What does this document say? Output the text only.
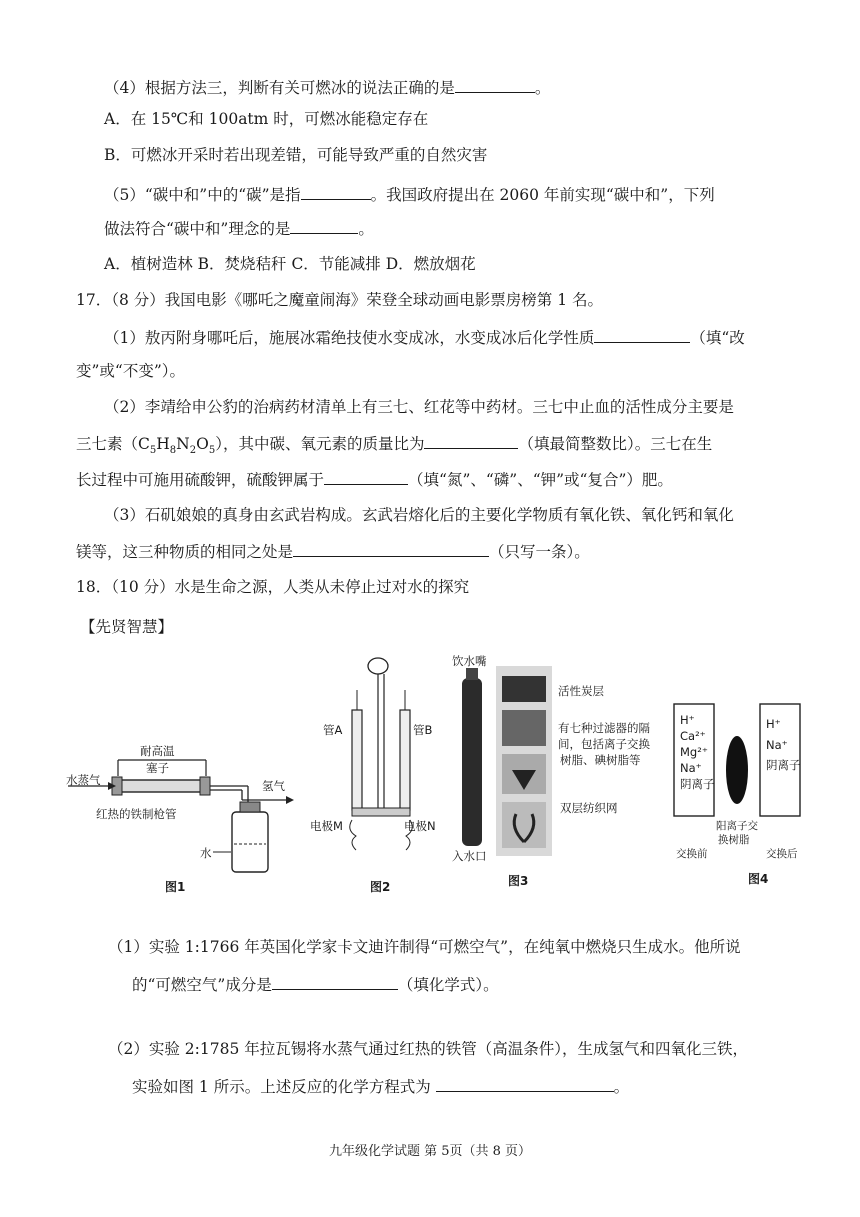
（4）根据方法三，判断有关可燃冰的说法正确的是	。
A．在 15℃和 100atm 时，可燃冰能稳定存在
B．可燃冰开采时若出现差错，可能导致严重的自然灾害
（5）“碳中和”中的“碳”是指	。我国政府提出在 2060 年前实现“碳中和”，下列
做法符合“碳中和”理念的是	。
A．植树造林 B．焚烧秸秆 C．节能减排 D．燃放烟花
17．（8 分）我国电影《哪吒之魔童闹海》荣登全球动画电影票房榜第 1 名。
（1）敖丙附身哪吒后，施展冰霜绝技使水变成冰，水变成冰后化学性质	（填“改
变”或“不变”）。
（2）李靖给申公豹的治病药材清单上有三七、红花等中药材。三七中止血的活性成分主要是
三七素$(C_5H_8N_2O_5)$，其中碳、氧元素的质量比为	（填最简整数比）。三七在生
长过程中可施用硫酸钾，硫酸钾属于	（填“氮”、“磷”、“钾”或“复合”）肥。
（3）石矶娘娘的真身由玄武岩构成。玄武岩熔化后的主要化学物质有氧化铁、氧化钙和氧化
镁等，这三种物质的相同之处是	（只写一条）。
18．（10 分）水是生命之源，人类从未停止过对水的探究
【先贤智慧】
耐高温
塞子
水蒸气	氢气
红热的铁制枪管
水
图1
管A	管B
电极M	电极N
图2
饮水嘴
活性炭层
有七种过滤器的隔
间，包括离子交换
树脂、碘树脂等
双层纺织网
入水口
图3
H⁺
Ca²⁺
Mg²⁺
Na⁺
阴离子
H⁺
Na⁺
阴离子
阳离子交
换树脂
交换前	交换后
图4
（1）实验 1:1766 年英国化学家卡文迪许制得“可燃空气”，在纯氧中燃烧只生成水。他所说
的“可燃空气”成分是	（填化学式）。
（2）实验 2:1785 年拉瓦锡将水蒸气通过红热的铁管（高温条件），生成氢气和四氧化三铁，
实验如图 1 所示。上述反应的化学方程式为	。
九年级化学试题 第 5页（共 8 页）
